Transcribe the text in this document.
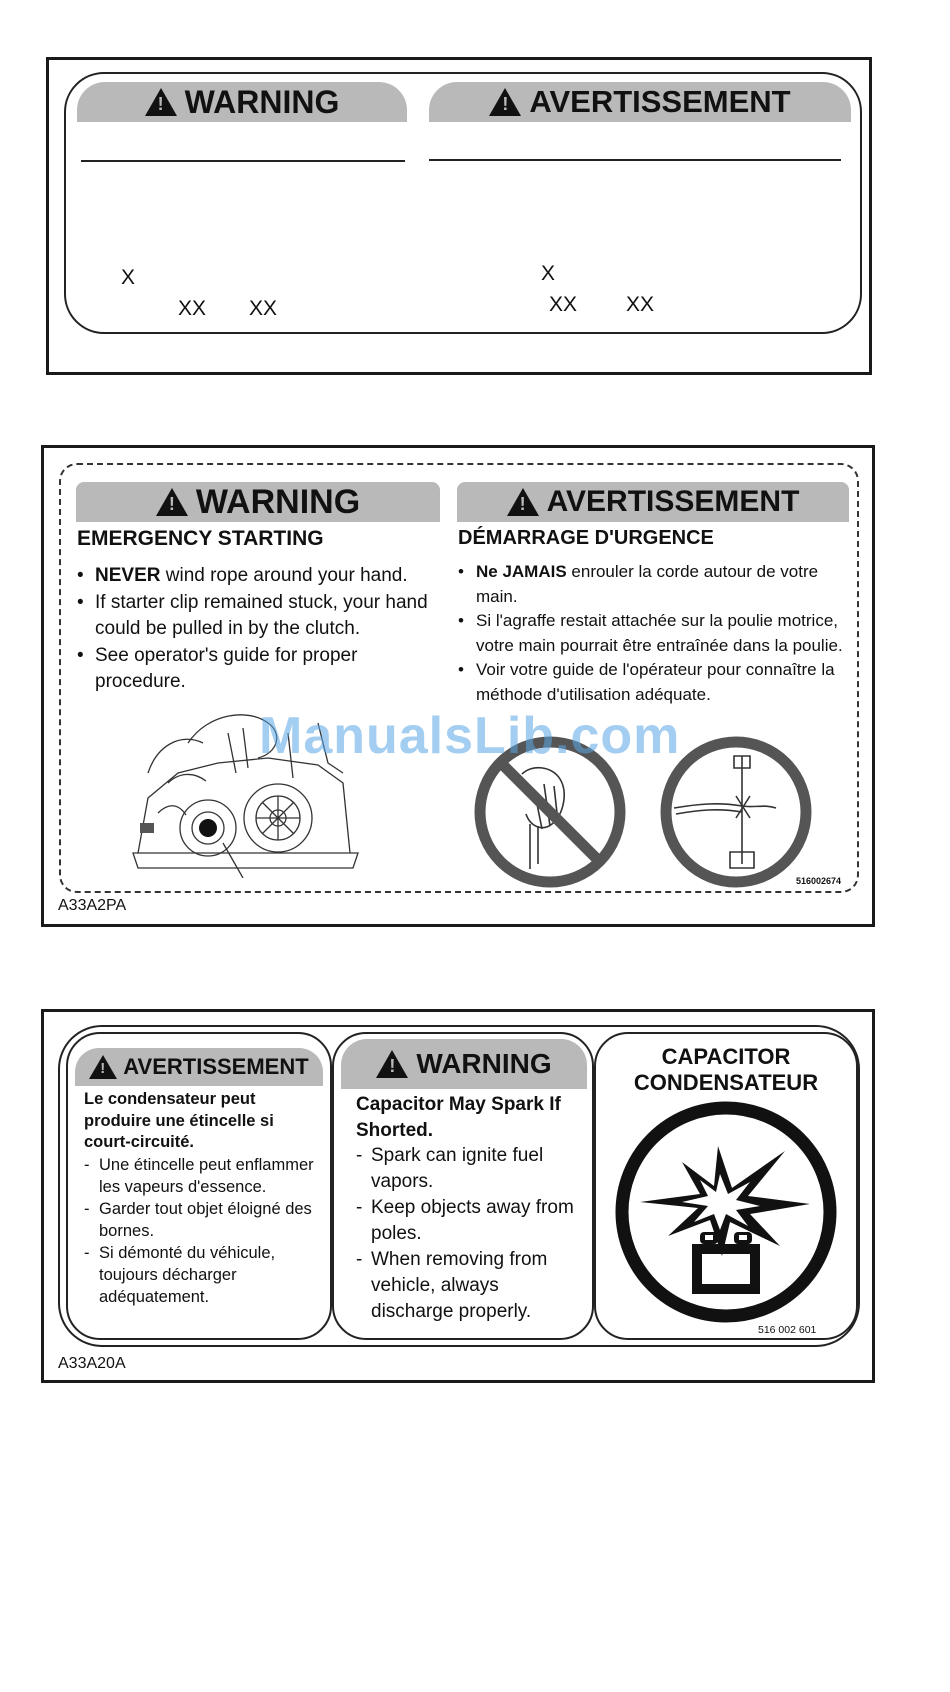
!
WARNING !	AVERTISSEMENT
X
XX XX
X
XX XX
!
WARNING !	AVERTISSEMENT
EMERGENCY STARTING
• NEVER wind rope around your hand.
• If starter clip remained stuck, your hand could be pulled in by the clutch.
• See operator's guide for proper procedure.
DÉMARRAGE D'URGENCE
• Ne JAMAIS enrouler la corde autour de votre main.
• Si l'agraffe restait attachée sur la poulie motrice, votre main pourrait être entraînée dans la poulie.
• Voir votre guide de l'opérateur pour connaître la méthode d'utilisation adéquate.
516002674
A33A2PA
ManualsLib.com
!
AVERTISSEMENT
Le condensateur peut produire une étincelle si court-circuité.
- Une étincelle peut enflammer les vapeurs d'essence.
- Garder tout objet éloigné des bornes.
- Si démonté du véhicule, toujours décharger adéquatement.
!
WARNING
Capacitor May Spark If Shorted.
- Spark can ignite fuel vapors.
- Keep objects away from poles.
- When removing from vehicle, always discharge properly.
CAPACITOR
CONDENSATEUR
516 002 601
A33A20A
